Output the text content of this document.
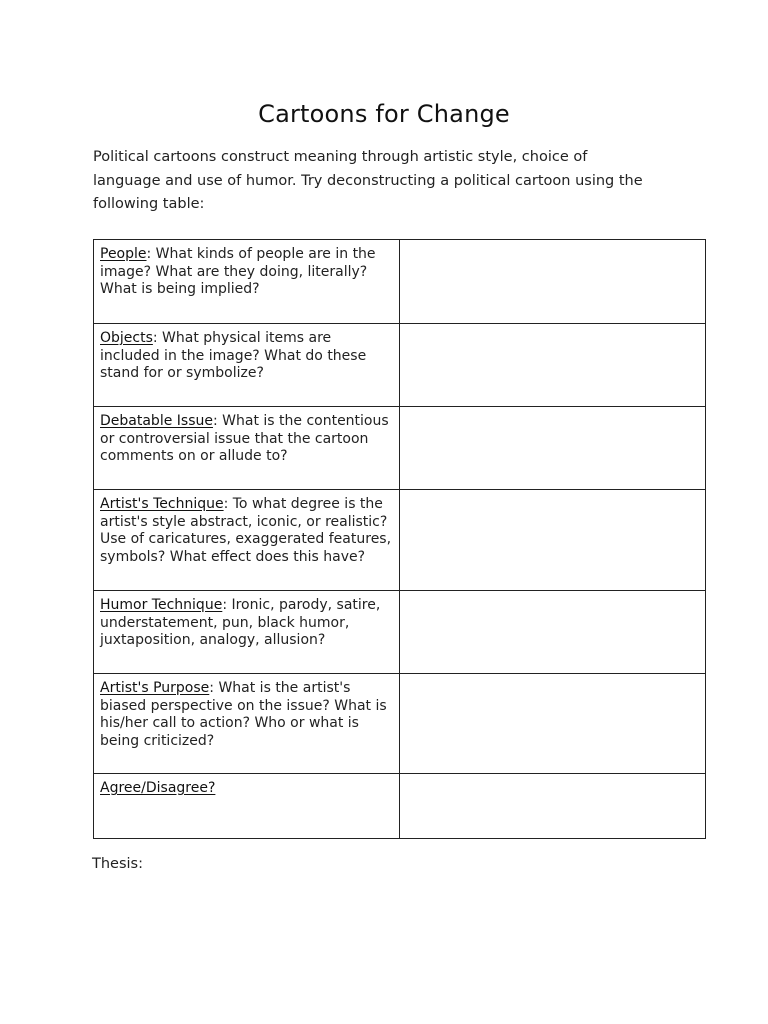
Cartoons for Change
Political cartoons construct meaning through artistic style, choice of language and use of humor. Try deconstructing a political cartoon using the following table:
People: What kinds of people are in the image? What are they doing, literally? What is being implied?	
Objects: What physical items are included in the image? What do these stand for or symbolize?	
Debatable Issue: What is the contentious or controversial issue that the cartoon comments on or allude to?	
Artist's Technique: To what degree is the artist's style abstract, iconic, or realistic? Use of caricatures, exaggerated features, symbols? What effect does this have?	
Humor Technique: Ironic, parody, satire, understatement, pun, black humor, juxtaposition, analogy, allusion?	
Artist's Purpose: What is the artist's biased perspective on the issue? What is his/her call to action? Who or what is being criticized?	
Agree/Disagree?	
Thesis:
